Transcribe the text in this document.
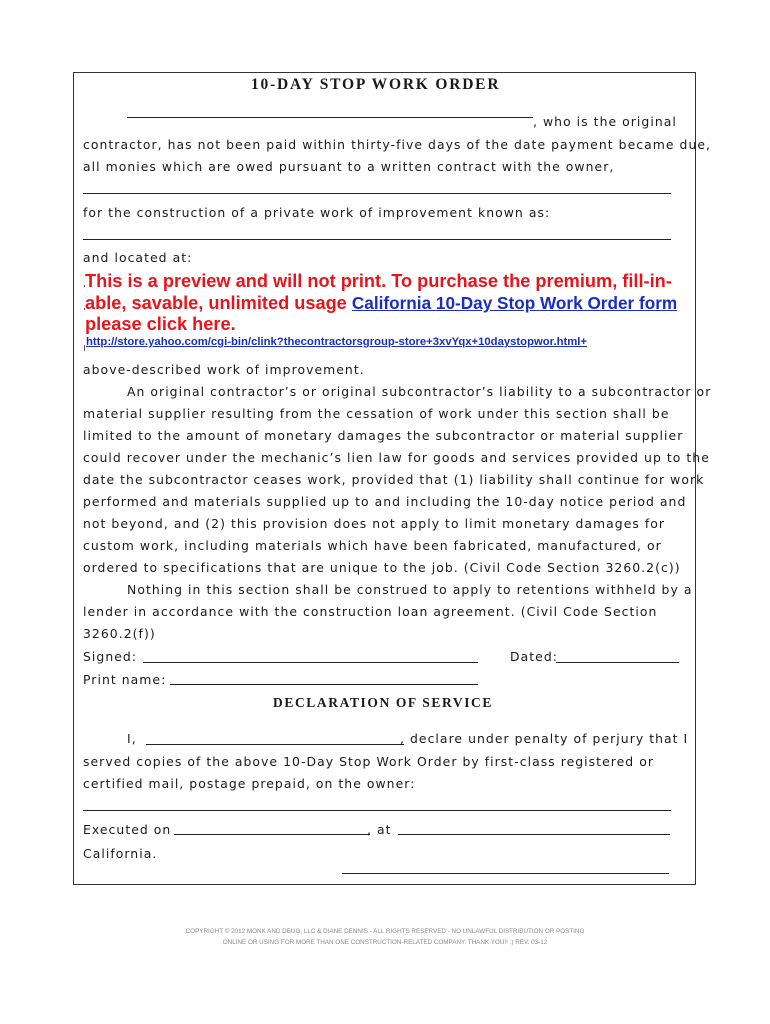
10-DAY STOP WORK ORDER
, who is the original
contractor, has not been paid within thirty-five days of the date payment became due,
all monies which are owed pursuant to a written contract with the owner,
for the construction of a private work of improvement known as:
and located at:
This is a preview and will not print. To purchase the premium, fill-in-
able, savable, unlimited usage California 10-Day Stop Work Order form
please click here.
http://store.yahoo.com/cgi-bin/clink?thecontractorsgroup-store+3xvYqx+10daystopwor.html+
above-described work of improvement.
An original contractor’s or original subcontractor’s liability to a subcontractor or
material supplier resulting from the cessation of work under this section shall be
limited to the amount of monetary damages the subcontractor or material supplier
could recover under the mechanic’s lien law for goods and services provided up to the
date the subcontractor ceases work, provided that (1) liability shall continue for work
performed and materials supplied up to and including the 10-day notice period and
not beyond, and (2) this provision does not apply to limit monetary damages for
custom work, including materials which have been fabricated, manufactured, or
ordered to specifications that are unique to the job. (Civil Code Section 3260.2(c))
Nothing in this section shall be construed to apply to retentions withheld by a
lender in accordance with the construction loan agreement. (Civil Code Section
3260.2(f))
Signed:	Dated:
Print name:
DECLARATION OF SERVICE
I,	, declare under penalty of perjury that I
served copies of the above 10-Day Stop Work Order by first-class registered or
certified mail, postage prepaid, on the owner:
Executed on	, at
California.
COPYRIGHT © 2012 MONK AND DBUG, LLC & DIANE DENNIS - ALL RIGHTS RESERVED - NO UNLAWFUL DISTRIBUTION OR POSTING
ONLINE OR USING FOR MORE THAN ONE CONSTRUCTION-RELATED COMPANY. THANK YOU!! :) REV. 03-12
